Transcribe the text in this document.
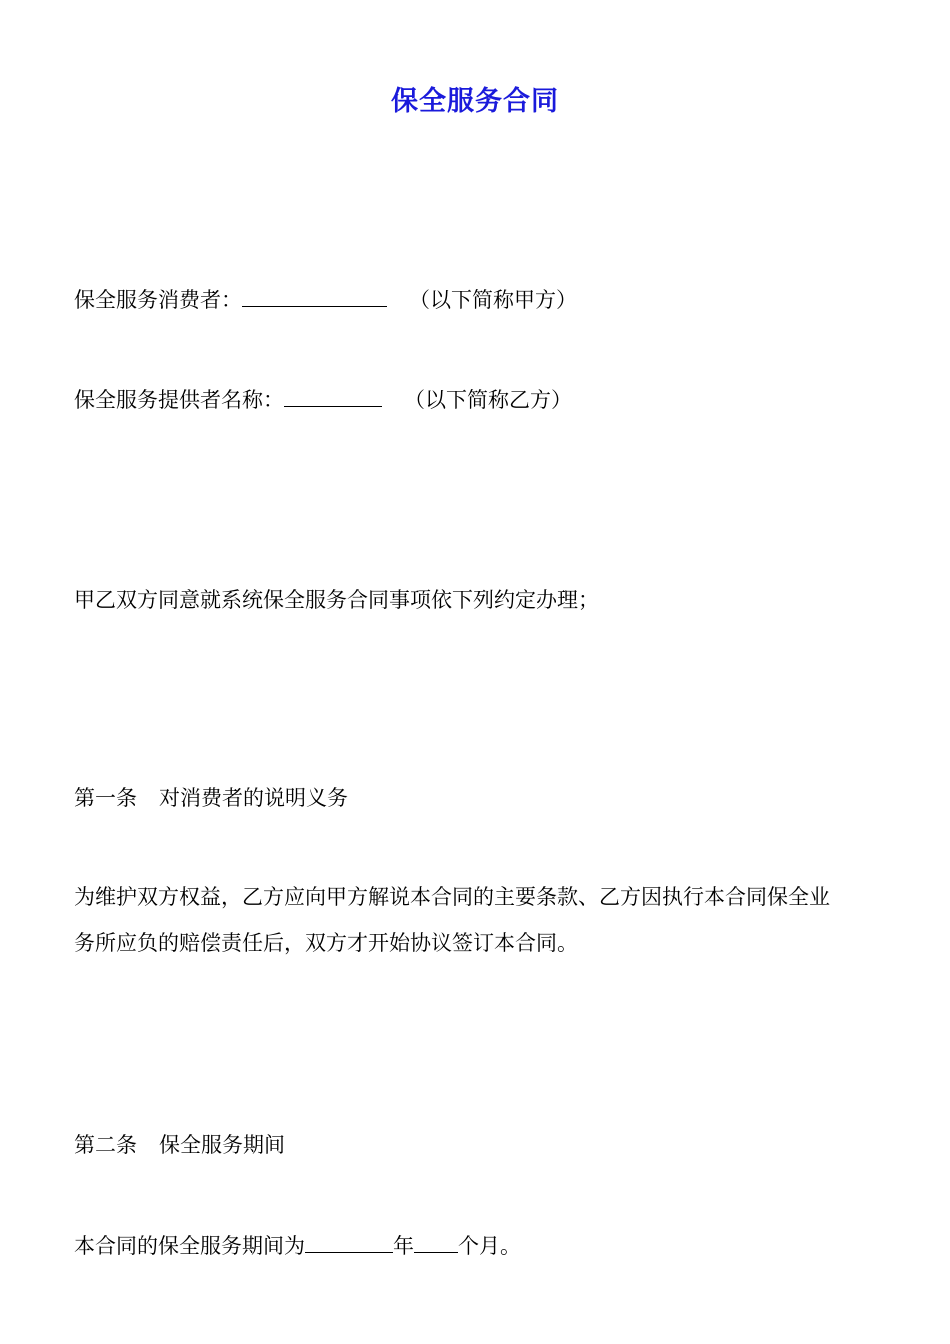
保全服务合同
保全服务消费者：	（以下简称甲方）
保全服务提供者名称：	（以下简称乙方）
甲乙双方同意就系统保全服务合同事项依下列约定办理；
第一条 对消费者的说明义务
为维护双方权益，乙方应向甲方解说本合同的主要条款、乙方因执行本合同保全业
务所应负的赔偿责任后，双方才开始协议签订本合同。
第二条 保全服务期间
本合同的保全服务期间为	年 个月。
